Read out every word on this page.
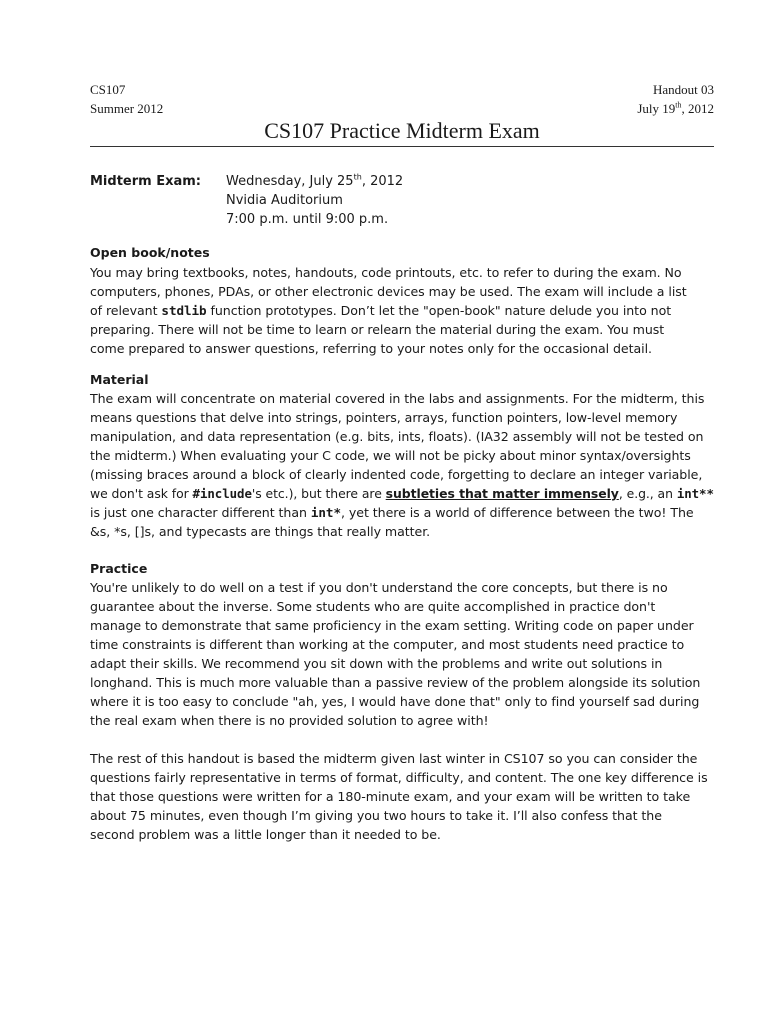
CS107	Handout 03
Summer 2012	July 19th, 2012
CS107 Practice Midterm Exam
Midterm Exam:	Wednesday, July 25th, 2012
Nvidia Auditorium
7:00 p.m. until 9:00 p.m.
Open book/notes
You may bring textbooks, notes, handouts, code printouts, etc. to refer to during the exam. No
computers, phones, PDAs, or other electronic devices may be used. The exam will include a list
of relevant stdlib function prototypes. Don’t let the "open-book" nature delude you into not
preparing. There will not be time to learn or relearn the material during the exam. You must
come prepared to answer questions, referring to your notes only for the occasional detail.
Material
The exam will concentrate on material covered in the labs and assignments. For the midterm, this
means questions that delve into strings, pointers, arrays, function pointers, low-level memory
manipulation, and data representation (e.g. bits, ints, floats). (IA32 assembly will not be tested on
the midterm.) When evaluating your C code, we will not be picky about minor syntax/oversights
(missing braces around a block of clearly indented code, forgetting to declare an integer variable,
we don't ask for #include's etc.), but there are subtleties that matter immensely, e.g., an int**
is just one character different than int*, yet there is a world of difference between the two! The
&s, *s, []s, and typecasts are things that really matter.
Practice
You're unlikely to do well on a test if you don't understand the core concepts, but there is no
guarantee about the inverse. Some students who are quite accomplished in practice don't
manage to demonstrate that same proficiency in the exam setting. Writing code on paper under
time constraints is different than working at the computer, and most students need practice to
adapt their skills. We recommend you sit down with the problems and write out solutions in
longhand. This is much more valuable than a passive review of the problem alongside its solution
where it is too easy to conclude "ah, yes, I would have done that" only to find yourself sad during
the real exam when there is no provided solution to agree with!
The rest of this handout is based the midterm given last winter in CS107 so you can consider the
questions fairly representative in terms of format, difficulty, and content. The one key difference is
that those questions were written for a 180-minute exam, and your exam will be written to take
about 75 minutes, even though I’m giving you two hours to take it. I’ll also confess that the
second problem was a little longer than it needed to be.
